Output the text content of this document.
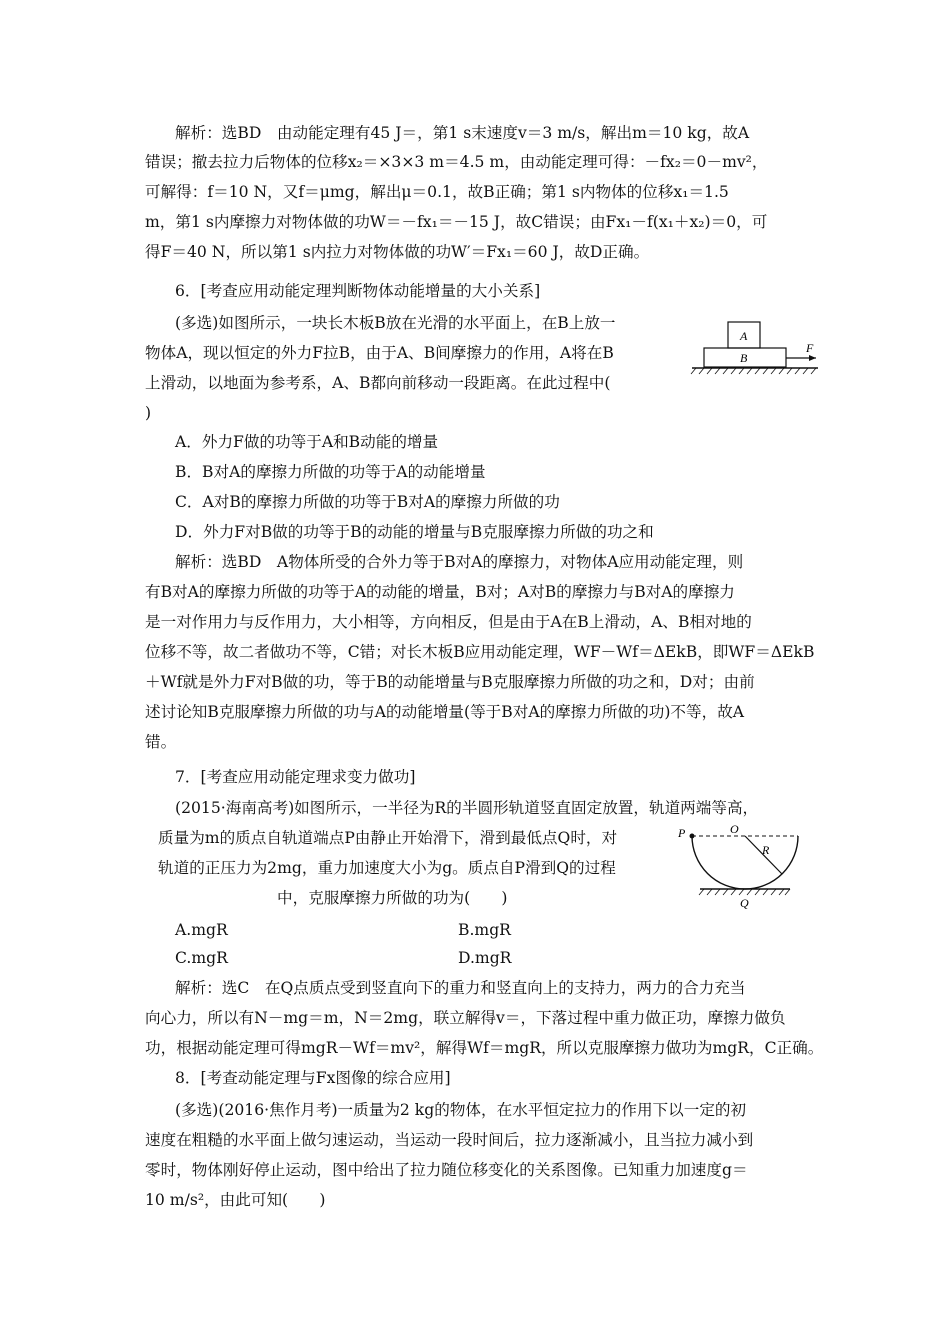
解析：选BD　由动能定理有45 J＝，第1 s末速度v＝3 m/s，解出m＝10 kg，故A
错误；撤去拉力后物体的位移x₂＝×3×3 m＝4.5 m，由动能定理可得：－fx₂＝0－mv²，
可解得：f＝10 N，又f＝μmg，解出μ＝0.1，故B正确；第1 s内物体的位移x₁＝1.5
m，第1 s内摩擦力对物体做的功W＝－fx₁＝－15 J，故C错误；由Fx₁－f(x₁＋x₂)＝0，可
得F＝40 N，所以第1 s内拉力对物体做的功W′＝Fx₁＝60 J，故D正确。
6．[考查应用动能定理判断物体动能增量的大小关系]
(多选)如图所示，一块长木板B放在光滑的水平面上，在B上放一
物体A，现以恒定的外力F拉B，由于A、B间摩擦力的作用，A将在B
上滑动，以地面为参考系，A、B都向前移动一段距离。在此过程中(
)
A
B
F
A．外力F做的功等于A和B动能的增量
B．B对A的摩擦力所做的功等于A的动能增量
C．A对B的摩擦力所做的功等于B对A的摩擦力所做的功
D．外力F对B做的功等于B的动能的增量与B克服摩擦力所做的功之和
解析：选BD　A物体所受的合外力等于B对A的摩擦力，对物体A应用动能定理，则
有B对A的摩擦力所做的功等于A的动能的增量，B对；A对B的摩擦力与B对A的摩擦力
是一对作用力与反作用力，大小相等，方向相反，但是由于A在B上滑动，A、B相对地的
位移不等，故二者做功不等，C错；对长木板B应用动能定理，WF－Wf＝ΔEkB，即WF＝ΔEkB
＋Wf就是外力F对B做的功，等于B的动能增量与B克服摩擦力所做的功之和，D对；由前
述讨论知B克服摩擦力所做的功与A的动能增量(等于B对A的摩擦力所做的功)不等，故A
错。
7．[考查应用动能定理求变力做功]
(2015·海南高考)如图所示，一半径为R的半圆形轨道竖直固定放置，轨道两端等高，
质量为m的质点自轨道端点P由静止开始滑下，滑到最低点Q时，对
轨道的正压力为2mg，重力加速度大小为g。质点自P滑到Q的过程
中，克服摩擦力所做的功为(　　)
P	O
R
Q
A.mgR	B.mgR
C.mgR	D.mgR
解析：选C　在Q点质点受到竖直向下的重力和竖直向上的支持力，两力的合力充当
向心力，所以有N－mg＝m，N＝2mg，联立解得v＝，下落过程中重力做正功，摩擦力做负
功，根据动能定理可得mgR－Wf＝mv²，解得Wf＝mgR，所以克服摩擦力做功为mgR，C正确。
8．[考查动能定理与Fx图像的综合应用]
(多选)(2016·焦作月考)一质量为2 kg的物体，在水平恒定拉力的作用下以一定的初
速度在粗糙的水平面上做匀速运动，当运动一段时间后，拉力逐渐减小，且当拉力减小到
零时，物体刚好停止运动，图中给出了拉力随位移变化的关系图像。已知重力加速度g＝
10 m/s²，由此可知(　　)
